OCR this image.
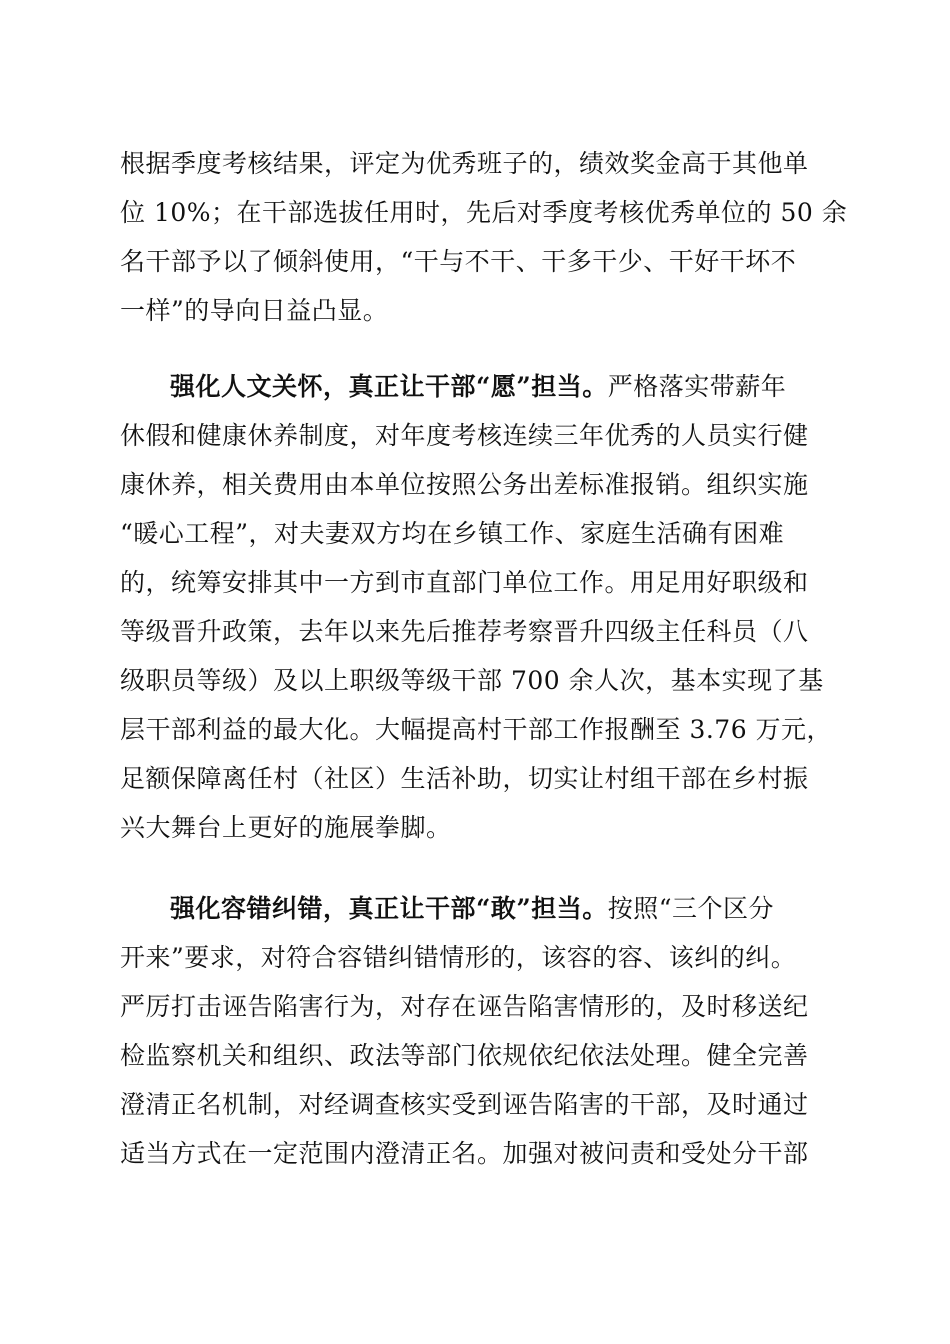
根据季度考核结果，评定为优秀班子的，绩效奖金高于其他单
位 10%；在干部选拔任用时，先后对季度考核优秀单位的 50 余
名干部予以了倾斜使用，“干与不干、干多干少、干好干坏不
一样”的导向日益凸显。
强化人文关怀，真正让干部“愿”担当。严格落实带薪年
休假和健康休养制度，对年度考核连续三年优秀的人员实行健
康休养，相关费用由本单位按照公务出差标准报销。组织实施
“暖心工程”，对夫妻双方均在乡镇工作、家庭生活确有困难
的，统筹安排其中一方到市直部门单位工作。用足用好职级和
等级晋升政策，去年以来先后推荐考察晋升四级主任科员（八
级职员等级）及以上职级等级干部 700 余人次，基本实现了基
层干部利益的最大化。大幅提高村干部工作报酬至 3.76 万元，
足额保障离任村（社区）生活补助，切实让村组干部在乡村振
兴大舞台上更好的施展拳脚。
强化容错纠错，真正让干部“敢”担当。按照“三个区分
开来”要求，对符合容错纠错情形的，该容的容、该纠的纠。
严厉打击诬告陷害行为，对存在诬告陷害情形的，及时移送纪
检监察机关和组织、政法等部门依规依纪依法处理。健全完善
澄清正名机制，对经调查核实受到诬告陷害的干部，及时通过
适当方式在一定范围内澄清正名。加强对被问责和受处分干部
